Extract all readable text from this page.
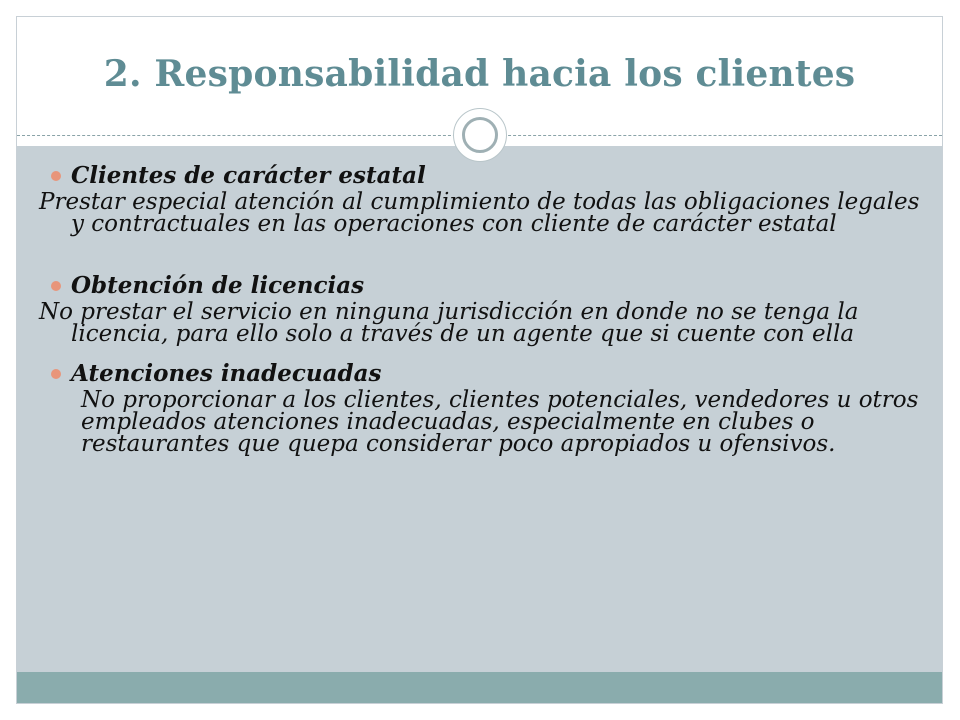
2. Responsabilidad hacia los clientes
Clientes de carácter estatal
Prestar especial atención al cumplimiento de todas las obligaciones legales y contractuales en las operaciones con cliente de carácter estatal
Obtención de licencias
No prestar el servicio en ninguna jurisdicción en donde no se tenga la licencia, para ello solo a través de un agente que si cuente con ella
Atenciones inadecuadas
No proporcionar a los clientes, clientes potenciales, vendedores u otros empleados atenciones inadecuadas, especialmente en clubes o restaurantes que quepa considerar poco apropiados u ofensivos.
